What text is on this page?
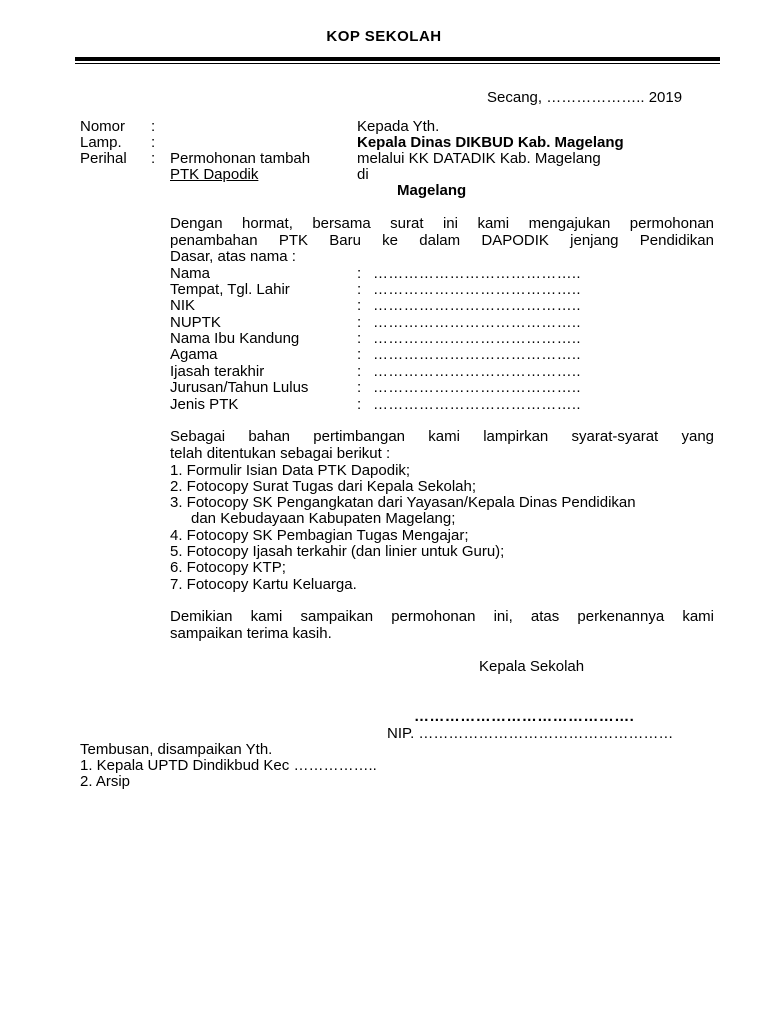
KOP SEKOLAH
Secang, ……………….. 2019
Nomor :
Lamp. :
Perihal : Permohonan tambah
PTK Dapodik
Kepada Yth.
Kepala Dinas DIKBUD Kab. Magelang
melalui KK DATADIK Kab. Magelang
di
Magelang

Dengan hormat, bersama surat ini kami mengajukan permohonan

penambahan PTK Baru ke dalam DAPODIK jenjang Pendidikan

Dasar, atas nama :

Nama	: …………………………………..
Tempat, Tgl. Lahir	: …………………………………..
NIK	: …………………………………..
NUPTK	: …………………………………..
Nama Ibu Kandung	: …………………………………..
Agama	: …………………………………..
Ijasah terakhir	: …………………………………..
Jurusan/Tahun Lulus	: …………………………………..
Jenis PTK	: …………………………………..

Sebagai bahan pertimbangan kami lampirkan syarat-syarat yang

telah ditentukan sebagai berikut :

1. Formulir Isian Data PTK Dapodik;
2. Fotocopy Surat Tugas dari Kepala Sekolah;
3. Fotocopy SK Pengangkatan dari Yayasan/Kepala Dinas Pendidikan
dan Kebudayaan Kabupaten Magelang;
4. Fotocopy SK Pembagian Tugas Mengajar;
5. Fotocopy Ijasah terkahir (dan linier untuk Guru);
6. Fotocopy KTP;
7. Fotocopy Kartu Keluarga.

Demikian kami sampaikan permohonan ini, atas perkenannya kami

sampaikan terima kasih.

Kepala Sekolah
…………………………………….
NIP. ……………………………………………
Tembusan, disampaikan Yth.
1. Kepala UPTD Dindikbud Kec ……………..
2. Arsip
